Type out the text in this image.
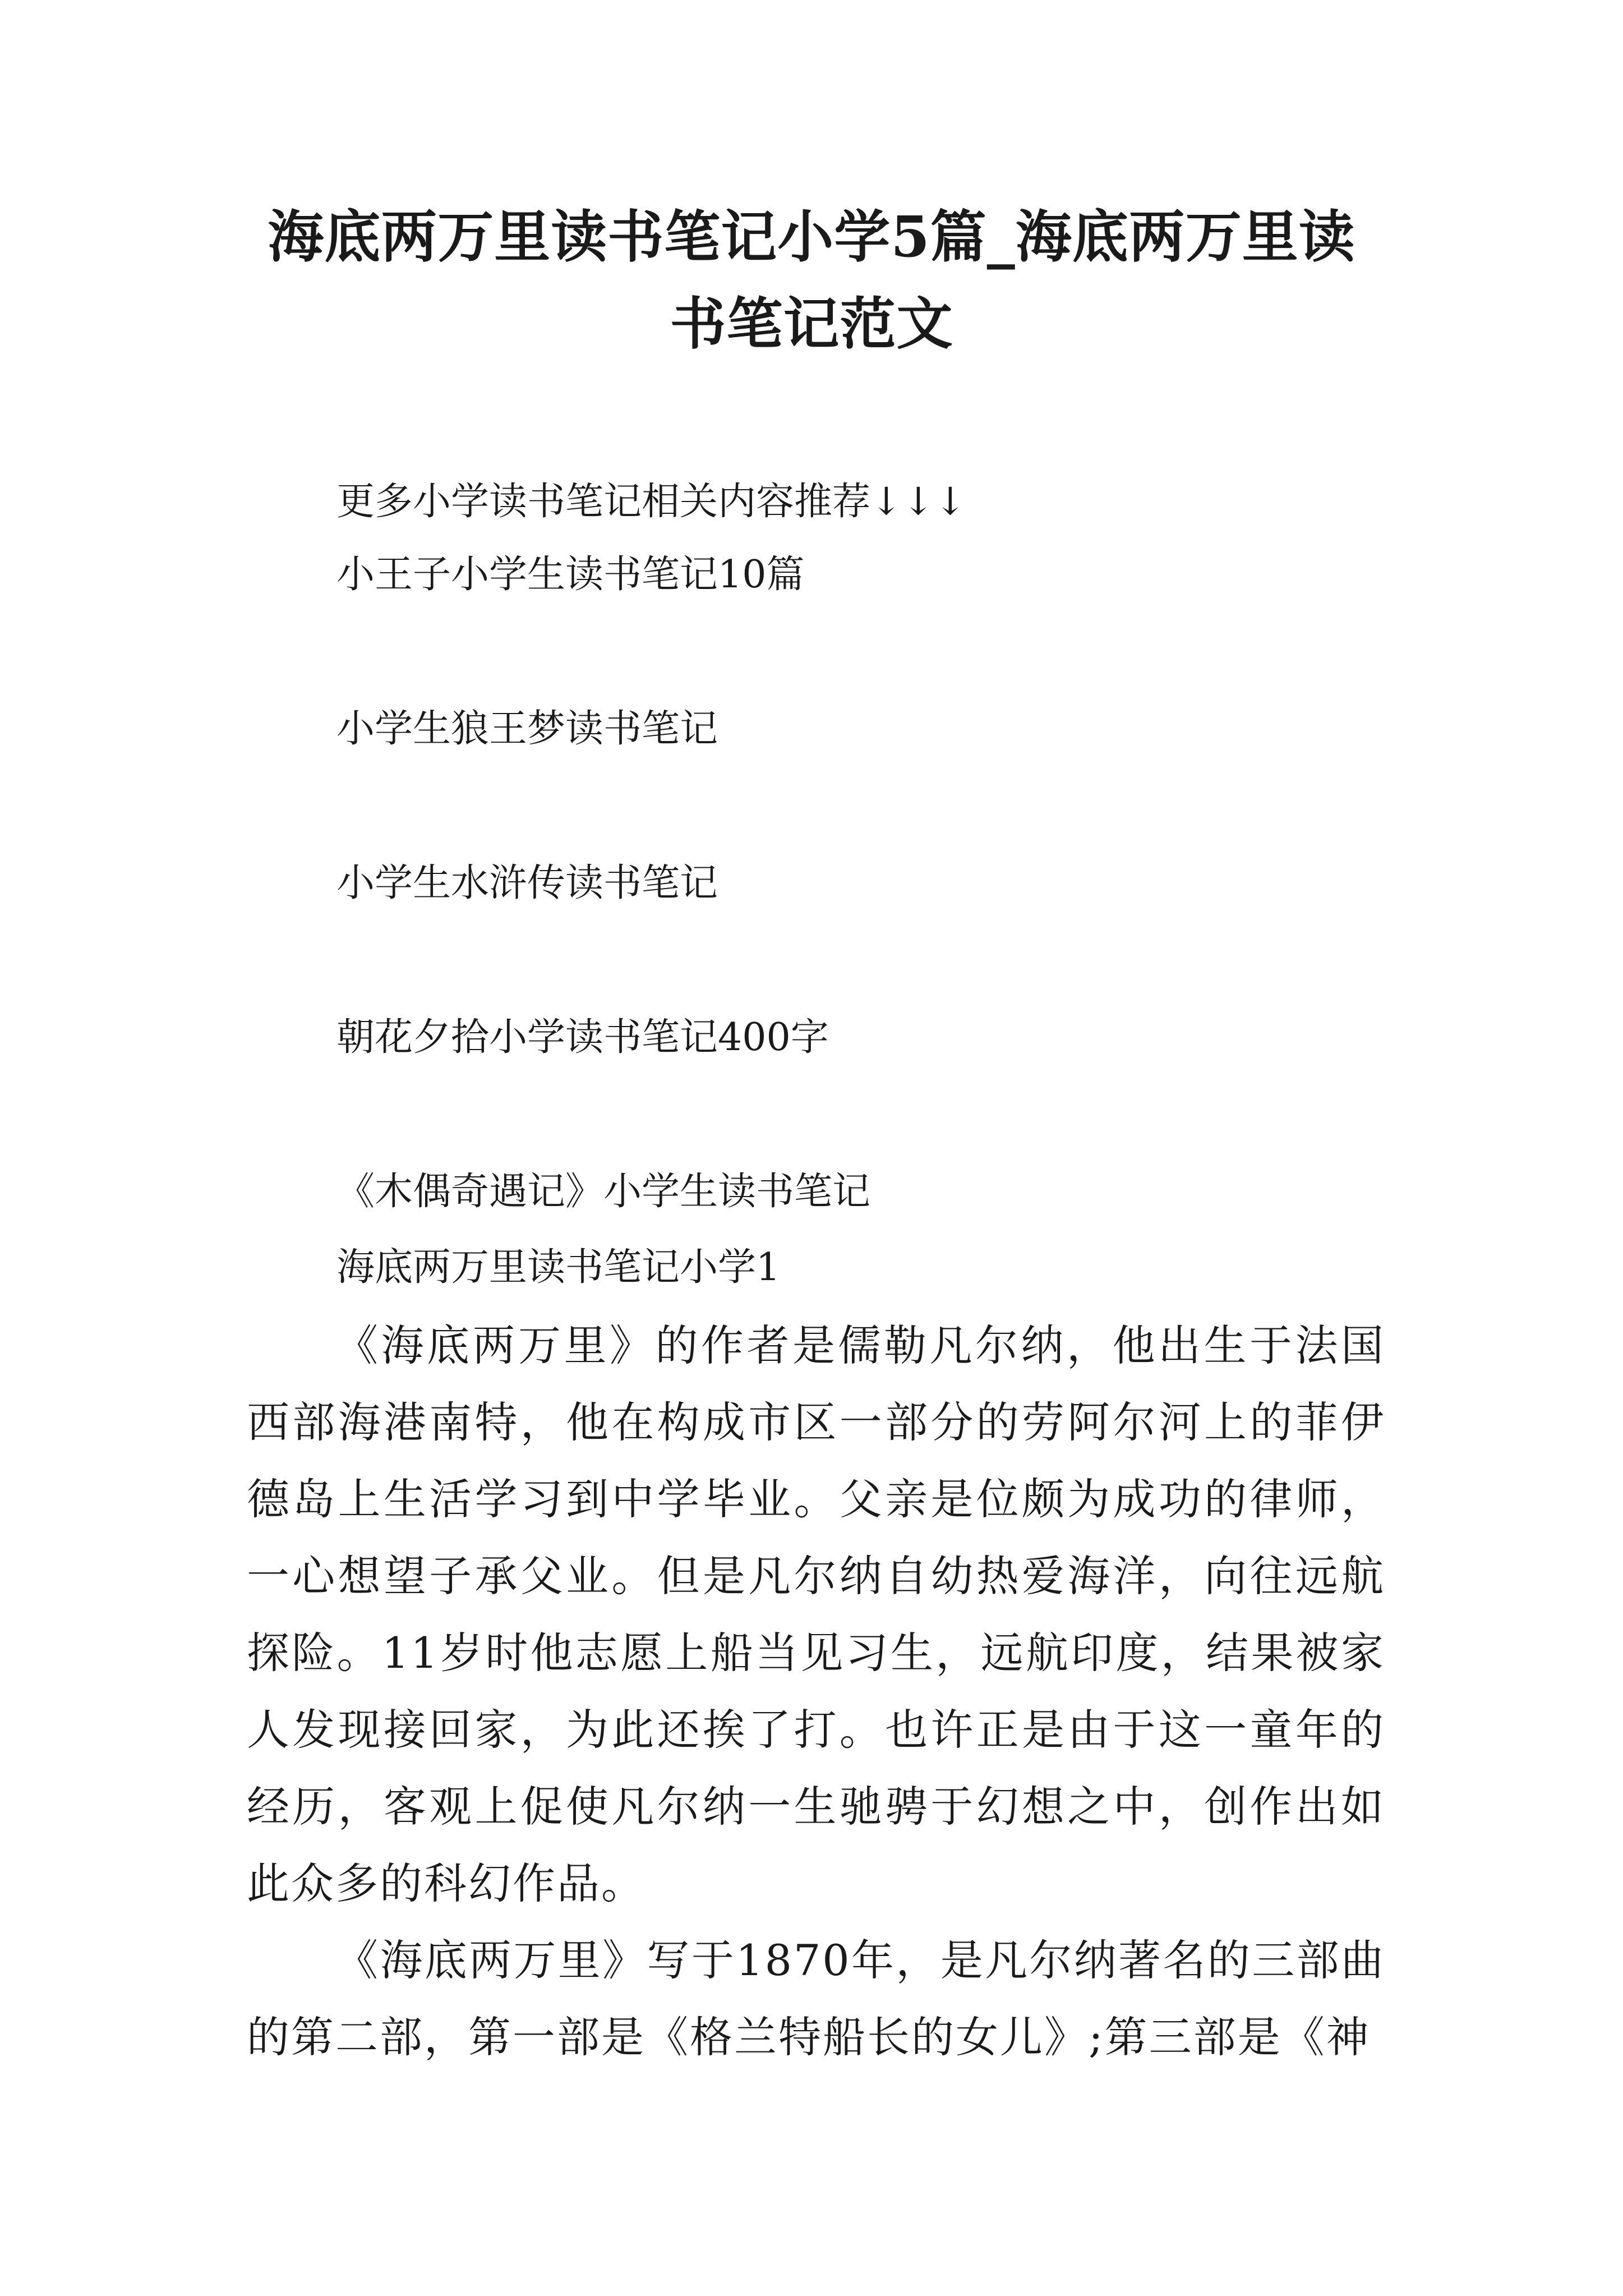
海底两万里读书笔记小学5篇_海底两万里读书笔记范文
更多小学读书笔记相关内容推荐↓↓↓
小王子小学生读书笔记10篇
小学生狼王梦读书笔记
小学生水浒传读书笔记
朝花夕拾小学读书笔记400字
《木偶奇遇记》小学生读书笔记
海底两万里读书笔记小学1

《海底两万里》的作者是儒勒凡尔纳，他出生于法国西部海港南特，他在构成市区一部分的劳阿尔河上的菲伊德岛上生活学习到中学毕业。父亲是位颇为成功的律师，一心想望子承父业。但是凡尔纳自幼热爱海洋，向往远航探险。11岁时他志愿上船当见习生，远航印度，结果被家人发现接回家，为此还挨了打。也许正是由于这一童年的经历，客观上促使凡尔纳一生驰骋于幻想之中，创作出如此众多的科幻作品。

《海底两万里》写于1870年，是凡尔纳著名的三部曲的第二部，第一部是《格兰特船长的女儿》;第三部是《神
